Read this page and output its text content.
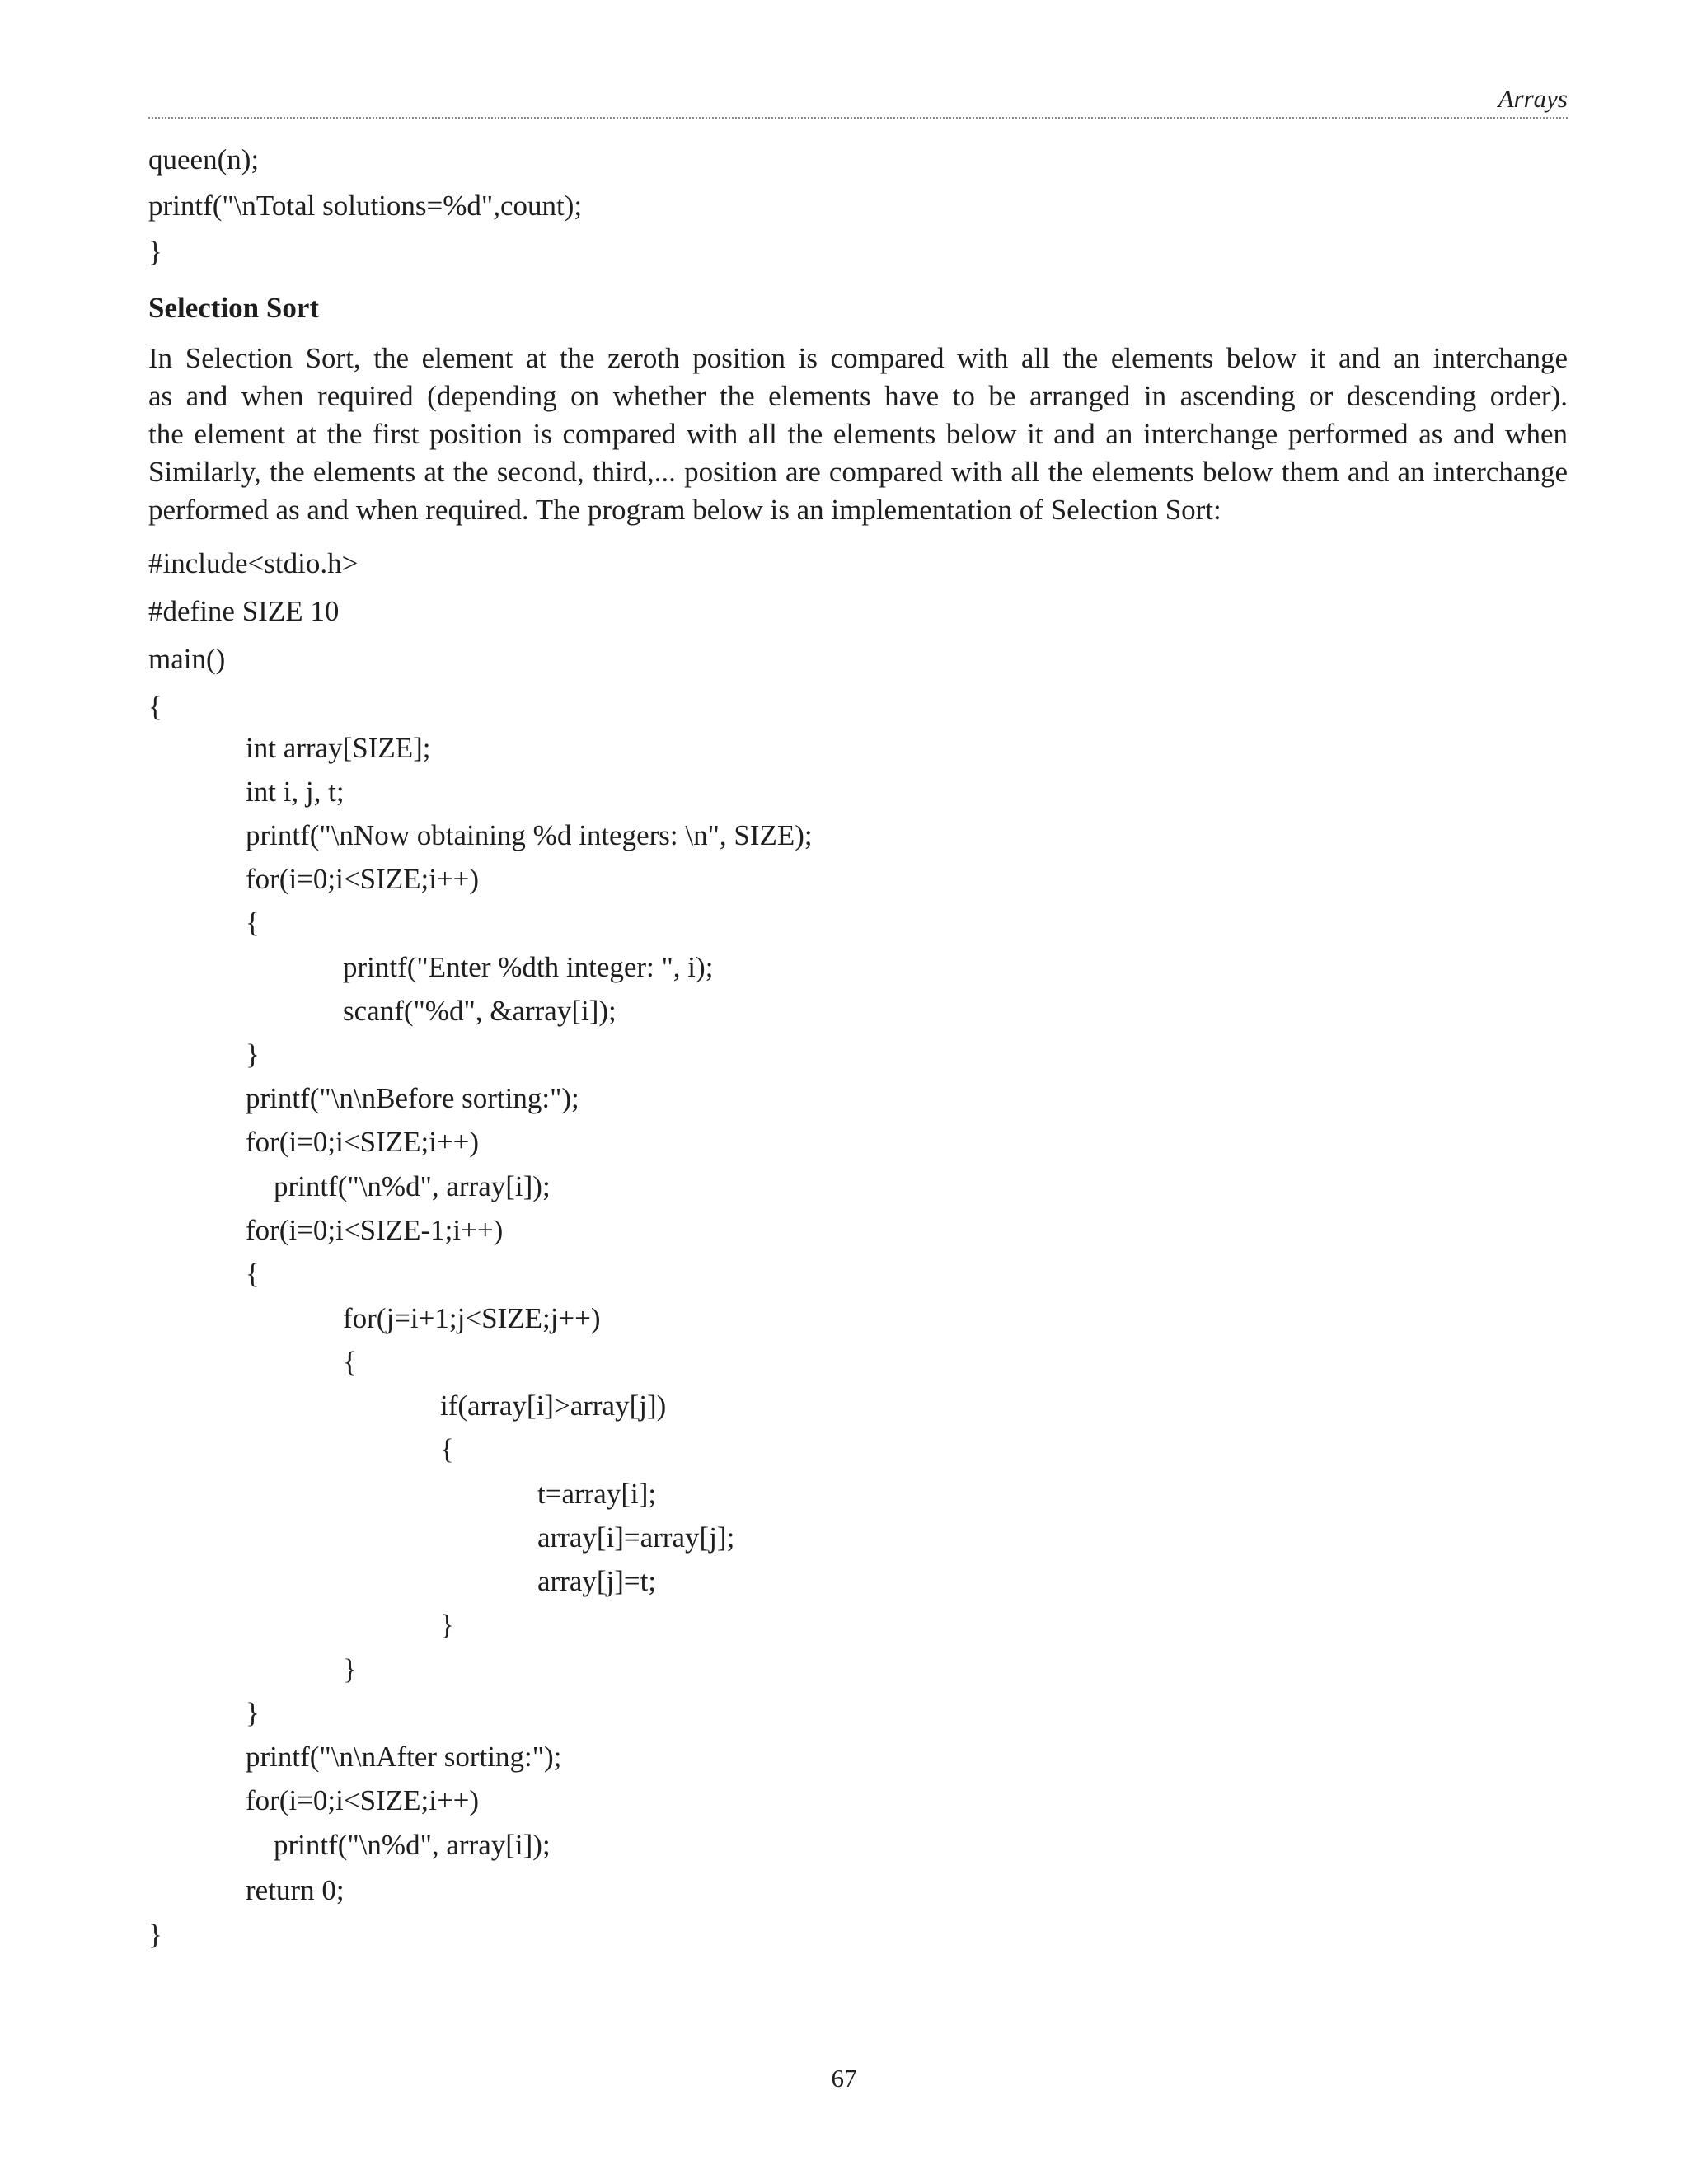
Arrays
queen(n);
printf("\nTotal solutions=%d",count);
}
Selection Sort
In Selection Sort, the element at the zeroth position is compared with all the elements below it and an interchange
as and when required (depending on whether the elements have to be arranged in ascending or descending order).
the element at the first position is compared with all the elements below it and an interchange performed as and when
Similarly, the elements at the second, third,... position are compared with all the elements below them and an interchange
performed as and when required. The program below is an implementation of Selection Sort:
#include<stdio.h>
#define SIZE 10
main()
{
int array[SIZE];
int i, j, t;
printf("\nNow obtaining %d integers: \n", SIZE);
for(i=0;i<SIZE;i++)
{
printf("Enter %dth integer: ", i);
scanf("%d", &array[i]);
}
printf("\n\nBefore sorting:");
for(i=0;i<SIZE;i++)
printf("\n%d", array[i]);
for(i=0;i<SIZE-1;i++)
{
for(j=i+1;j<SIZE;j++)
{
if(array[i]>array[j])
{
t=array[i];
array[i]=array[j];
array[j]=t;
}
}
}
printf("\n\nAfter sorting:");
for(i=0;i<SIZE;i++)
printf("\n%d", array[i]);
return 0;
}
67
